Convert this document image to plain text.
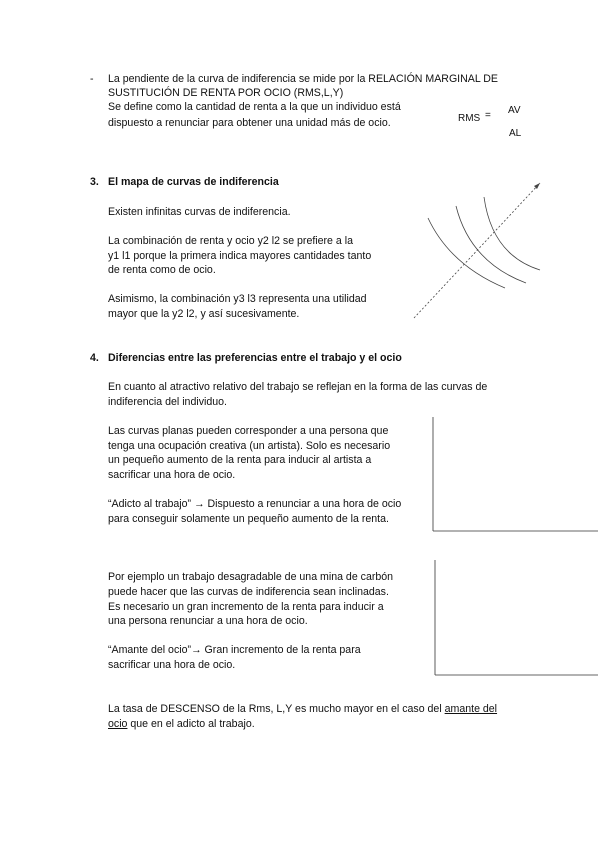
- La pendiente de la curva de indiferencia se mide por la RELACIÓN MARGINAL DE
SUSTITUCIÓN DE RENTA POR OCIO (RMS,L,Y)
Se define como la cantidad de renta a la que un individuo está
dispuesto a renunciar para obtener una unidad más de ocio.	RMS = AV
AL
3. El mapa de curvas de indiferencia
Existen infinitas curvas de indiferencia.
La combinación de renta y ocio y2 l2 se prefiere a la
y1 l1 porque la primera indica mayores cantidades tanto
de renta como de ocio.
Asimismo, la combinación y3 l3 representa una utilidad
mayor que la y2 l2, y así sucesivamente.
4. Diferencias entre las preferencias entre el trabajo y el ocio
En cuanto al atractivo relativo del trabajo se reflejan en la forma de las curvas de
indiferencia del individuo.
Las curvas planas pueden corresponder a una persona que
tenga una ocupación creativa (un artista). Solo es necesario
un pequeño aumento de la renta para inducir al artista a
sacrificar una hora de ocio.
“Adicto al trabajo” → Dispuesto a renunciar a una hora de ocio
para conseguir solamente un pequeño aumento de la renta.
Por ejemplo un trabajo desagradable de una mina de carbón
puede hacer que las curvas de indiferencia sean inclinadas.
Es necesario un gran incremento de la renta para inducir a
una persona renunciar a una hora de ocio.
“Amante del ocio”→ Gran incremento de la renta para
sacrificar una hora de ocio.
La tasa de DESCENSO de la Rms, L,Y es mucho mayor en el caso del amante del
ocio que en el adicto al trabajo.
